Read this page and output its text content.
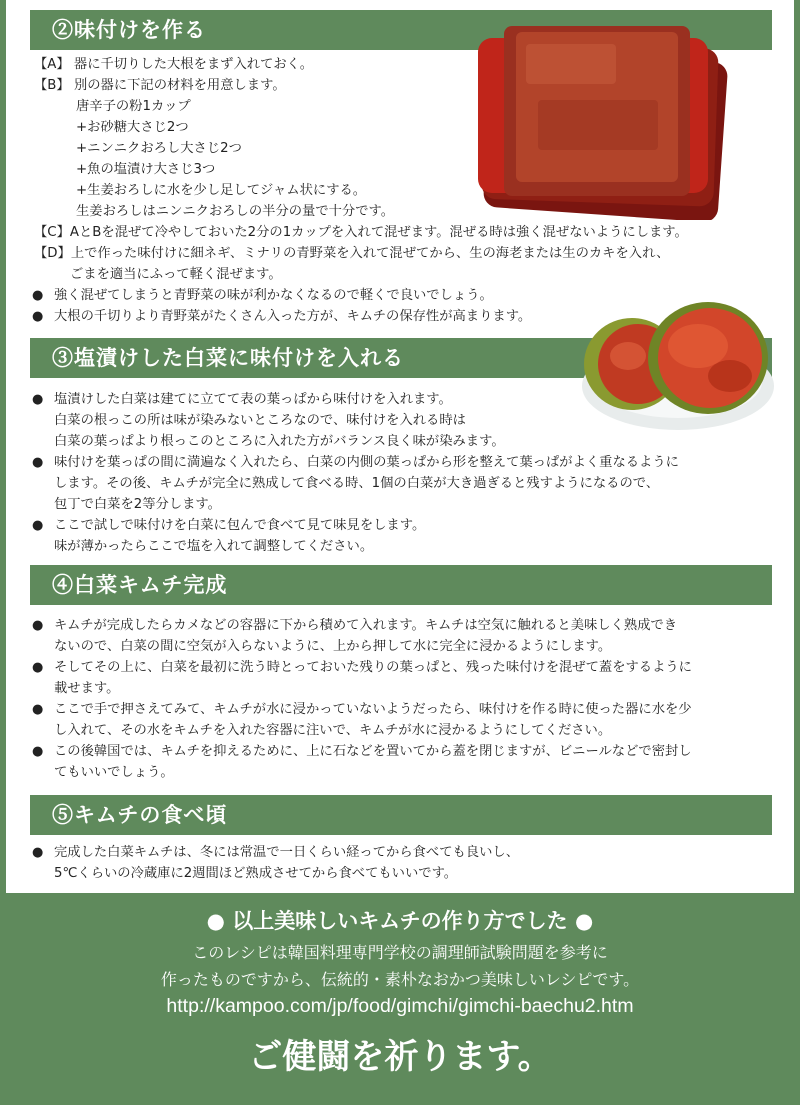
②味付けを作る
【A】 器に千切りした大根をまず入れておく。
【B】 別の器に下記の材料を用意します。
唐辛子の粉1カップ
+お砂糖大さじ2つ
+ニンニクおろし大さじ2つ
+魚の塩漬け大さじ3つ
+生姜おろしに水を少し足してジャム状にする。
生姜おろしはニンニクおろしの半分の量で十分です。
【C】AとBを混ぜて冷やしておいた2分の1カップを入れて混ぜます。混ぜる時は強く混ぜないようにします。
【D】上で作った味付けに細ネギ、ミナリの青野菜を入れて混ぜてから、生の海老または生のカキを入れ、
ごまを適当にふって軽く混ぜます。
● 強く混ぜてしまうと青野菜の味が利かなくなるので軽くで良いでしょう。
● 大根の千切りより青野菜がたくさん入った方が、キムチの保存性が高まります。
③塩漬けした白菜に味付けを入れる
● 塩漬けした白菜は建てに立てて表の葉っぱから味付けを入れます。
白菜の根っこの所は味が染みないところなので、味付けを入れる時は
白菜の葉っぱより根っこのところに入れた方がバランス良く味が染みます。
● 味付けを葉っぱの間に満遍なく入れたら、白菜の内側の葉っぱから形を整えて葉っぱがよく重なるように
します。その後、キムチが完全に熟成して食べる時、1個の白菜が大き過ぎると残すようになるので、
包丁で白菜を2等分します。
● ここで試しで味付けを白菜に包んで食べて見て味見をします。
味が薄かったらここで塩を入れて調整してください。
④白菜キムチ完成
● キムチが完成したらカメなどの容器に下から積めて入れます。キムチは空気に触れると美味しく熟成でき
ないので、白菜の間に空気が入らないように、上から押して水に完全に浸かるようにします。
● そしてその上に、白菜を最初に洗う時とっておいた残りの葉っぱと、残った味付けを混ぜて蓋をするように
載せます。
● ここで手で押さえてみて、キムチが水に浸かっていないようだったら、味付けを作る時に使った器に水を少
し入れて、その水をキムチを入れた容器に注いで、キムチが水に浸かるようにしてください。
● この後韓国では、キムチを抑えるために、上に石などを置いてから蓋を閉じますが、ビニールなどで密封し
てもいいでしょう。
⑤キムチの食べ頃
● 完成した白菜キムチは、冬には常温で一日くらい経ってから食べても良いし、
5℃くらいの冷蔵庫に2週間ほど熟成させてから食べてもいいです。
● 以上美味しいキムチの作り方でした ●
このレシピは韓国料理専門学校の調理師試験問題を参考に
作ったものですから、伝統的・素朴なおかつ美味しいレシピです。
http://kampoo.com/jp/food/gimchi/gimchi-baechu2.htm
ご健闘を祈ります。
